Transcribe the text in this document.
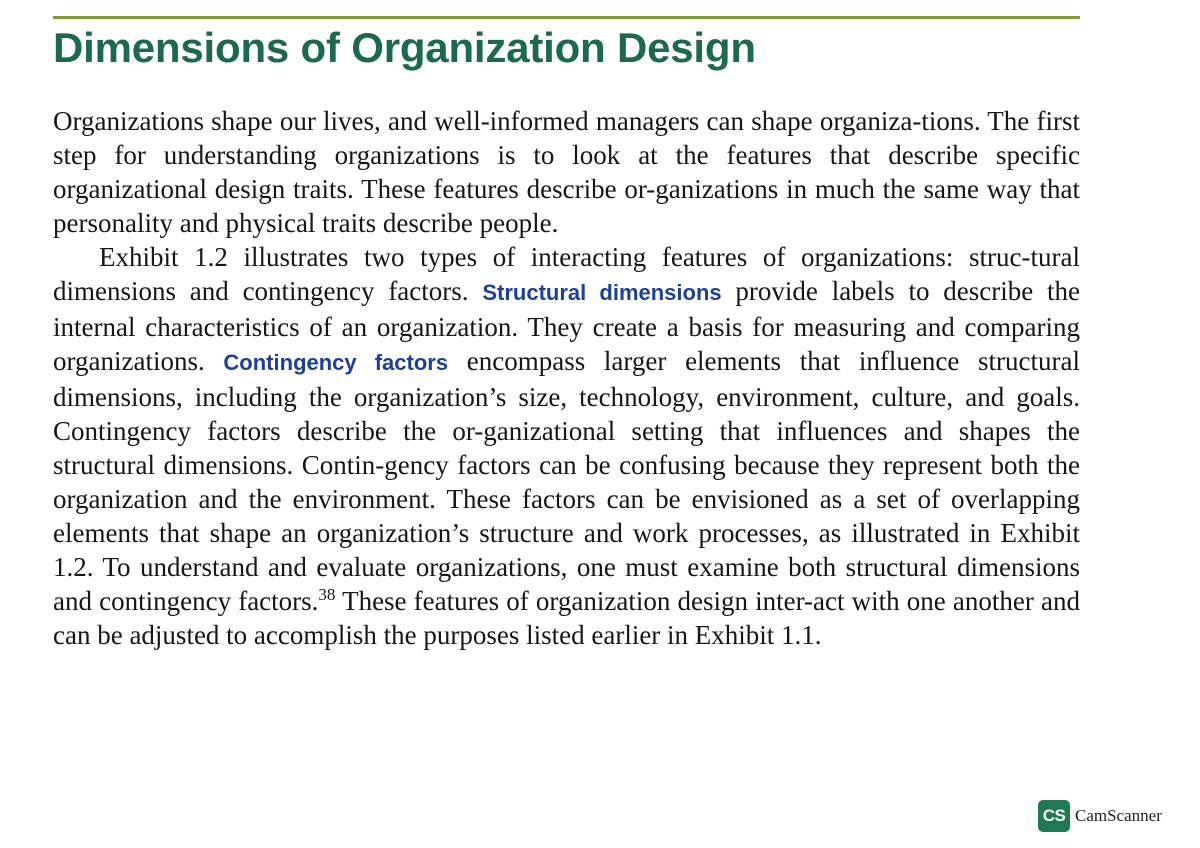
Dimensions of Organization Design

Organizations shape our lives, and well-informed managers can shape organiza-tions. The first step for understanding organizations is to look at the features that describe specific organizational design traits. These features describe or-ganizations in much the same way that personality and physical traits describe people.

Exhibit 1.2 illustrates two types of interacting features of organizations: struc-tural dimensions and contingency factors. Structural dimensions provide labels to describe the internal characteristics of an organization. They create a basis for measuring and comparing organizations. Contingency factors encompass larger elements that influence structural dimensions, including the organization’s size, technology, environment, culture, and goals. Contingency factors describe the or-ganizational setting that influences and shapes the structural dimensions. Contin-gency factors can be confusing because they represent both the organization and the environment. These factors can be envisioned as a set of overlapping elements that shape an organization’s structure and work processes, as illustrated in Exhibit 1.2. To understand and evaluate organizations, one must examine both structural dimensions and contingency factors.$^{38}$ These features of organization design inter-act with one another and can be adjusted to accomplish the purposes listed earlier in Exhibit 1.1.

CS CamScanner
